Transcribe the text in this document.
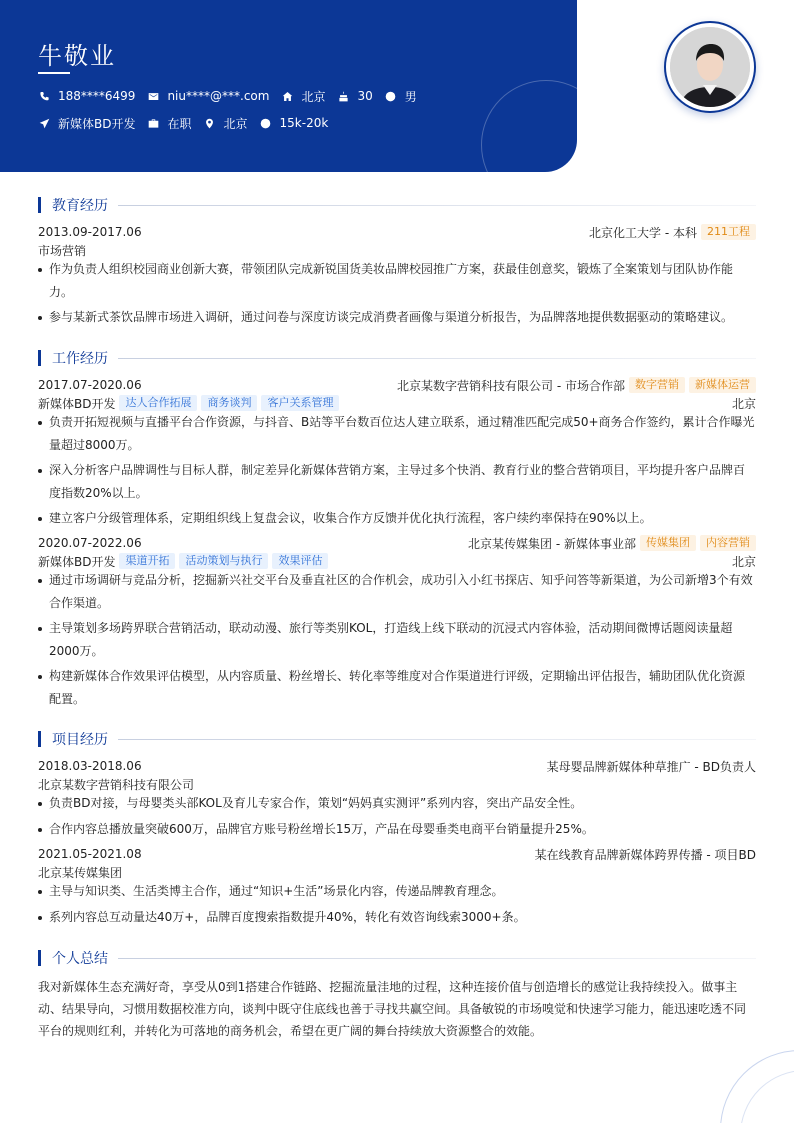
牛敬业
188****6499	niu****@***.com	北京	30	男
新媒体BD开发	在职	北京	15k-20k
教育经历
2013.09-2017.06	北京化工大学 - 本科 211工程
市场营销
作为负责人组织校园商业创新大赛，带领团队完成新锐国货美妆品牌校园推广方案，获最佳创意奖，锻炼了全案策划与团队协作能力。
参与某新式茶饮品牌市场进入调研，通过问卷与深度访谈完成消费者画像与渠道分析报告，为品牌落地提供数据驱动的策略建议。
工作经历
2017.07-2020.06	北京某数字营销科技有限公司 - 市场合作部 数字营销	新媒体运营
新媒体BD开发 达人合作拓展	商务谈判	客户关系管理	北京
负责开拓短视频与直播平台合作资源，与抖音、B站等平台数百位达人建立联系，通过精准匹配完成50+商务合作签约，累计合作曝光量超过8000万。
深入分析客户品牌调性与目标人群，制定差异化新媒体营销方案，主导过多个快消、教育行业的整合营销项目，平均提升客户品牌百度指数20%以上。
建立客户分级管理体系，定期组织线上复盘会议，收集合作方反馈并优化执行流程，客户续约率保持在90%以上。
2020.07-2022.06	北京某传媒集团 - 新媒体事业部 传媒集团	内容营销
新媒体BD开发 渠道开拓	活动策划与执行	效果评估	北京
通过市场调研与竞品分析，挖掘新兴社交平台及垂直社区的合作机会，成功引入小红书探店、知乎问答等新渠道，为公司新增3个有效合作渠道。
主导策划多场跨界联合营销活动，联动动漫、旅行等类别KOL，打造线上线下联动的沉浸式内容体验，活动期间微博话题阅读量超2000万。
构建新媒体合作效果评估模型，从内容质量、粉丝增长、转化率等维度对合作渠道进行评级，定期输出评估报告，辅助团队优化资源配置。
项目经历
2018.03-2018.06	某母婴品牌新媒体种草推广 - BD负责人
北京某数字营销科技有限公司
负责BD对接，与母婴类头部KOL及育儿专家合作，策划“妈妈真实测评”系列内容，突出产品安全性。
合作内容总播放量突破600万，品牌官方账号粉丝增长15万，产品在母婴垂类电商平台销量提升25%。
2021.05-2021.08	某在线教育品牌新媒体跨界传播 - 项目BD
北京某传媒集团
主导与知识类、生活类博主合作，通过“知识+生活”场景化内容，传递品牌教育理念。
系列内容总互动量达40万+，品牌百度搜索指数提升40%，转化有效咨询线索3000+条。
个人总结
我对新媒体生态充满好奇，享受从0到1搭建合作链路、挖掘流量洼地的过程，这种连接价值与创造增长的感觉让我持续投入。做事主动、结果导向，习惯用数据校准方向，谈判中既守住底线也善于寻找共赢空间。具备敏锐的市场嗅觉和快速学习能力，能迅速吃透不同平台的规则红利，并转化为可落地的商务机会，希望在更广阔的舞台持续放大资源整合的效能。
